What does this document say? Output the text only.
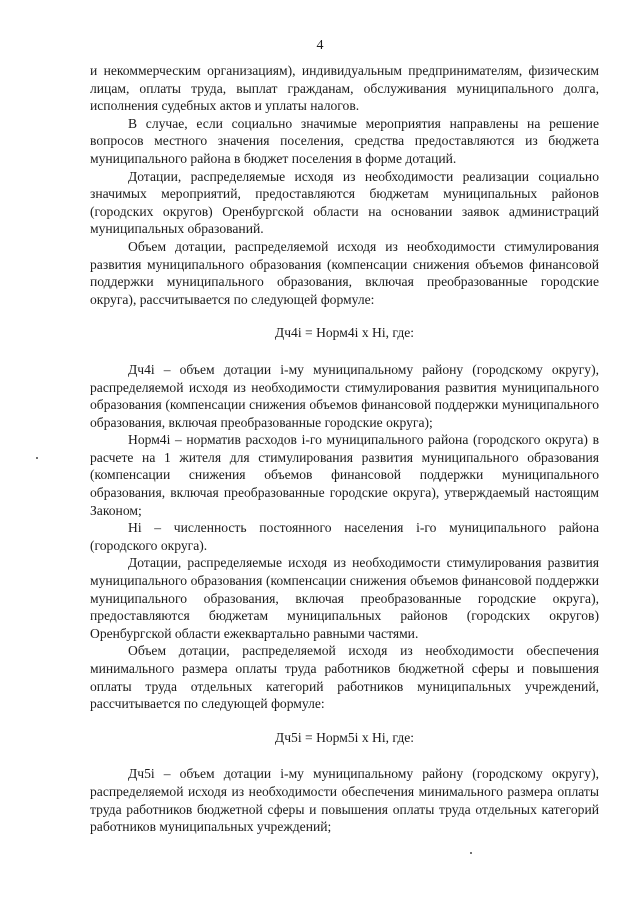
4

и некоммерческим организациям), индивидуальным предпринимателям, физическим лицам, оплаты труда, выплат гражданам, обслуживания муниципального долга, исполнения судебных актов и уплаты налогов.

В случае, если социально значимые мероприятия направлены на решение вопросов местного значения поселения, средства предоставляются из бюджета муниципального района в бюджет поселения в форме дотаций.

Дотации, распределяемые исходя из необходимости реализации социально значимых мероприятий, предоставляются бюджетам муниципальных районов (городских округов) Оренбургской области на основании заявок администраций муниципальных образований.

Объем дотации, распределяемой исходя из необходимости стимулирования развития муниципального образования (компенсации снижения объемов финансовой поддержки муниципального образования, включая преобразованные городские округа), рассчитывается по следующей формуле:

Дч4i = Норм4i х Нi, где:

Дч4i – объем дотации i-му муниципальному району (городскому округу), распределяемой исходя из необходимости стимулирования развития муниципального образования (компенсации снижения объемов финансовой поддержки муниципального образования, включая преобразованные городские округа);

Норм4i – норматив расходов i-го муниципального района (городского округа) в расчете на 1 жителя для стимулирования развития муниципального образования (компенсации снижения объемов финансовой поддержки муниципального образования, включая преобразованные городские округа), утверждаемый настоящим Законом;

Нi – численность постоянного населения i-го муниципального района (городского округа).

Дотации, распределяемые исходя из необходимости стимулирования развития муниципального образования (компенсации снижения объемов финансовой поддержки муниципального образования, включая преобразованные городские округа), предоставляются бюджетам муниципальных районов (городских округов) Оренбургской области ежеквартально равными частями.

Объем дотации, распределяемой исходя из необходимости обеспечения минимального размера оплаты труда работников бюджетной сферы и повышения оплаты труда отдельных категорий работников муниципальных учреждений, рассчитывается по следующей формуле:

Дч5i = Норм5i х Нi, где:

Дч5i – объем дотации i-му муниципальному району (городскому округу), распределяемой исходя из необходимости обеспечения минимального размера оплаты труда работников бюджетной сферы и повышения оплаты труда отдельных категорий работников муниципальных учреждений;
